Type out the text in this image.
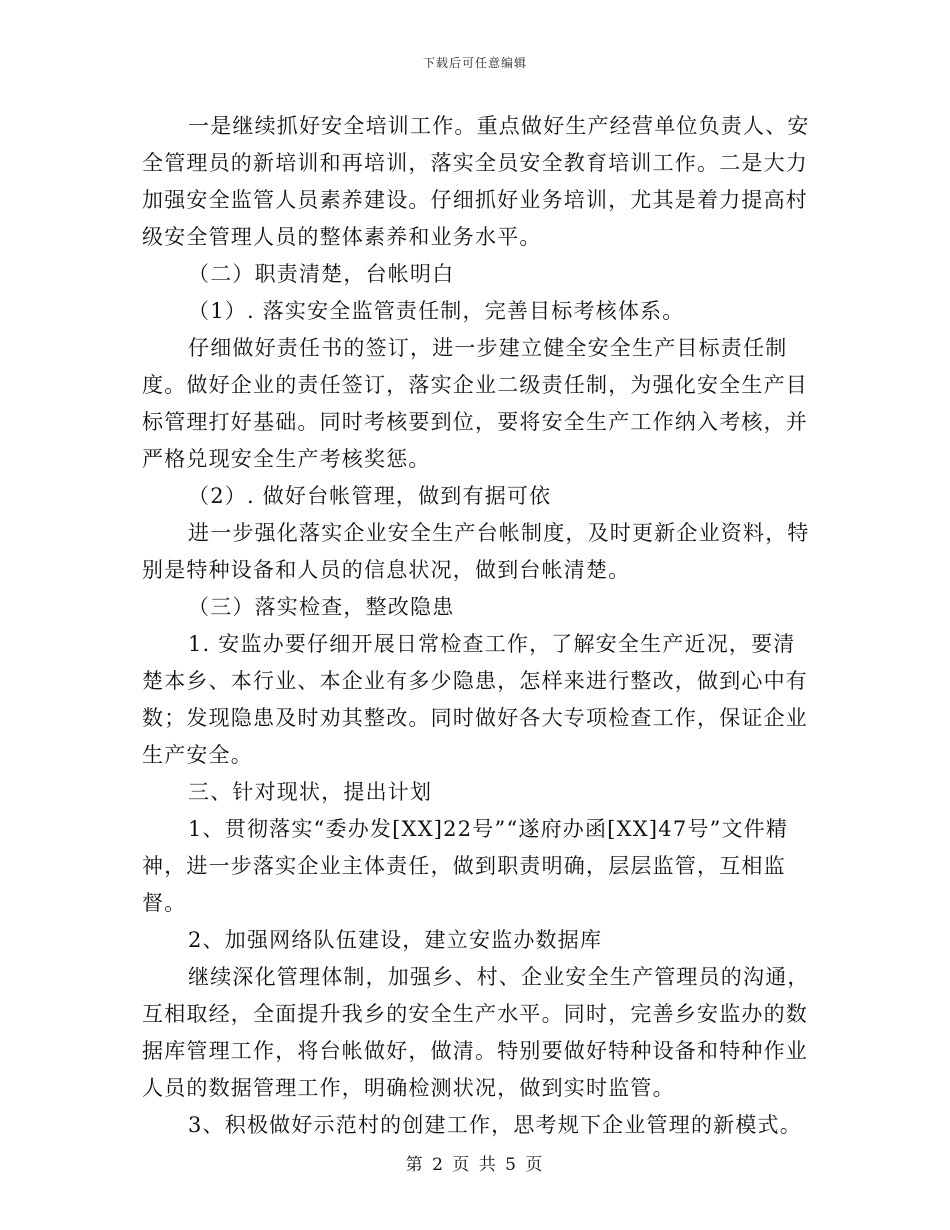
下载后可任意编辑

一是继续抓好安全培训工作。重点做好生产经营单位负责人、安全管理员的新培训和再培训，落实全员安全教育培训工作。二是大力加强安全监管人员素养建设。仔细抓好业务培训，尤其是着力提高村级安全管理人员的整体素养和业务水平。

（二）职责清楚，台帐明白

（1）. 落实安全监管责任制，完善目标考核体系。

仔细做好责任书的签订，进一步建立健全安全生产目标责任制度。做好企业的责任签订，落实企业二级责任制，为强化安全生产目标管理打好基础。同时考核要到位，要将安全生产工作纳入考核，并严格兑现安全生产考核奖惩。

（2）. 做好台帐管理，做到有据可依

进一步强化落实企业安全生产台帐制度，及时更新企业资料，特别是特种设备和人员的信息状况，做到台帐清楚。

（三）落实检查，整改隐患

1. 安监办要仔细开展日常检查工作，了解安全生产近况，要清楚本乡、本行业、本企业有多少隐患，怎样来进行整改，做到心中有数；发现隐患及时劝其整改。同时做好各大专项检查工作，保证企业生产安全。

三、针对现状，提出计划

1、贯彻落实“委办发[XX]22号”“遂府办函[XX]47号”文件精神，进一步落实企业主体责任，做到职责明确，层层监管，互相监督。

2、加强网络队伍建设，建立安监办数据库

继续深化管理体制，加强乡、村、企业安全生产管理员的沟通，互相取经，全面提升我乡的安全生产水平。同时，完善乡安监办的数据库管理工作，将台帐做好，做清。特别要做好特种设备和特种作业人员的数据管理工作，明确检测状况，做到实时监管。

3、积极做好示范村的创建工作，思考规下企业管理的新模式。

第 2 页 共 5 页
